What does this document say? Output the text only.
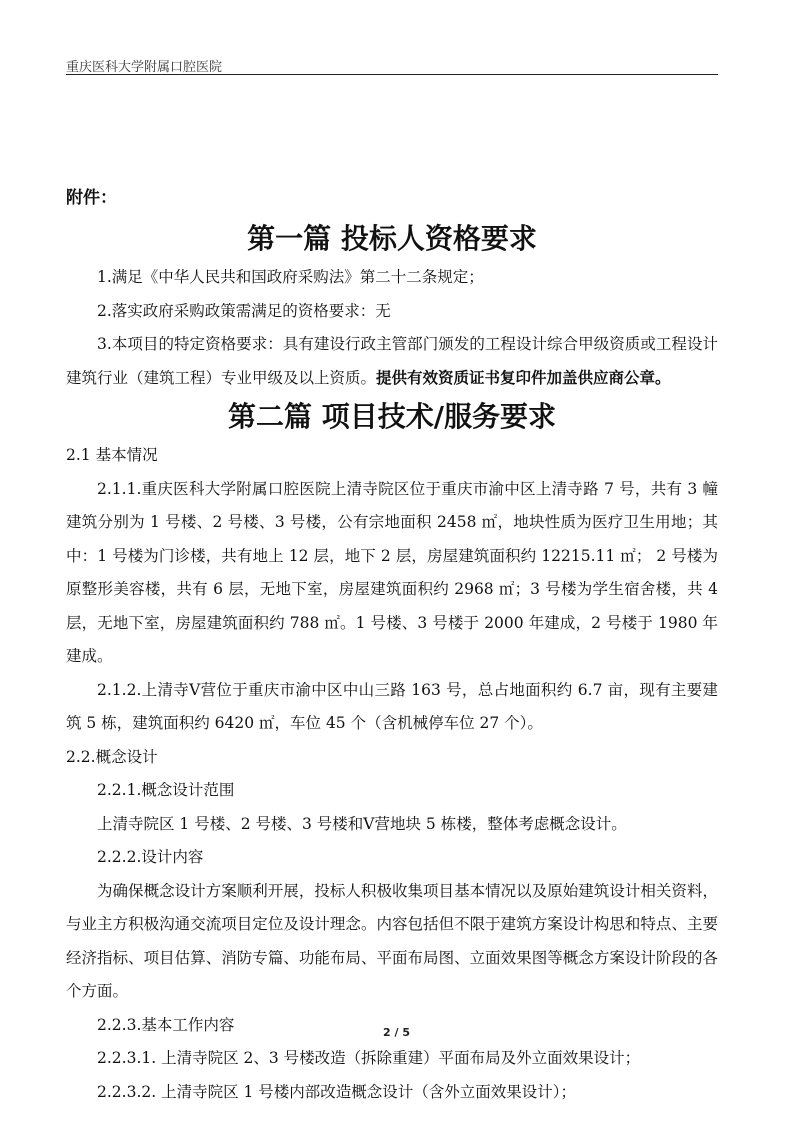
重庆医科大学附属口腔医院

附件：

第一篇 投标人资格要求

1.满足《中华人民共和国政府采购法》第二十二条规定；

2.落实政府采购政策需满足的资格要求：无

3.本项目的特定资格要求：具有建设行政主管部门颁发的工程设计综合甲级资质或工程设计建筑行业（建筑工程）专业甲级及以上资质。提供有效资质证书复印件加盖供应商公章。

第二篇 项目技术/服务要求

2.1 基本情况

2.1.1.重庆医科大学附属口腔医院上清寺院区位于重庆市渝中区上清寺路 7 号，共有 3 幢建筑分别为 1 号楼、2 号楼、3 号楼，公有宗地面积 2458 ㎡，地块性质为医疗卫生用地；其中：1 号楼为门诊楼，共有地上 12 层，地下 2 层，房屋建筑面积约 12215.11 ㎡； 2 号楼为原整形美容楼，共有 6 层，无地下室，房屋建筑面积约 2968 ㎡；3 号楼为学生宿舍楼，共 4 层，无地下室，房屋建筑面积约 788 ㎡。1 号楼、3 号楼于 2000 年建成，2 号楼于 1980 年建成。

2.1.2.上清寺Ⅴ营位于重庆市渝中区中山三路 163 号，总占地面积约 6.7 亩，现有主要建筑 5 栋，建筑面积约 6420 ㎡，车位 45 个（含机械停车位 27 个）。

2.2.概念设计

2.2.1.概念设计范围

上清寺院区 1 号楼、2 号楼、3 号楼和Ⅴ营地块 5 栋楼，整体考虑概念设计。

2.2.2.设计内容

为确保概念设计方案顺利开展，投标人积极收集项目基本情况以及原始建筑设计相关资料，与业主方积极沟通交流项目定位及设计理念。内容包括但不限于建筑方案设计构思和特点、主要经济指标、项目估算、消防专篇、功能布局、平面布局图、立面效果图等概念方案设计阶段的各个方面。

2.2.3.基本工作内容

2.2.3.1. 上清寺院区 2、3 号楼改造（拆除重建）平面布局及外立面效果设计；

2.2.3.2. 上清寺院区 1 号楼内部改造概念设计（含外立面效果设计）；

2 / 5
